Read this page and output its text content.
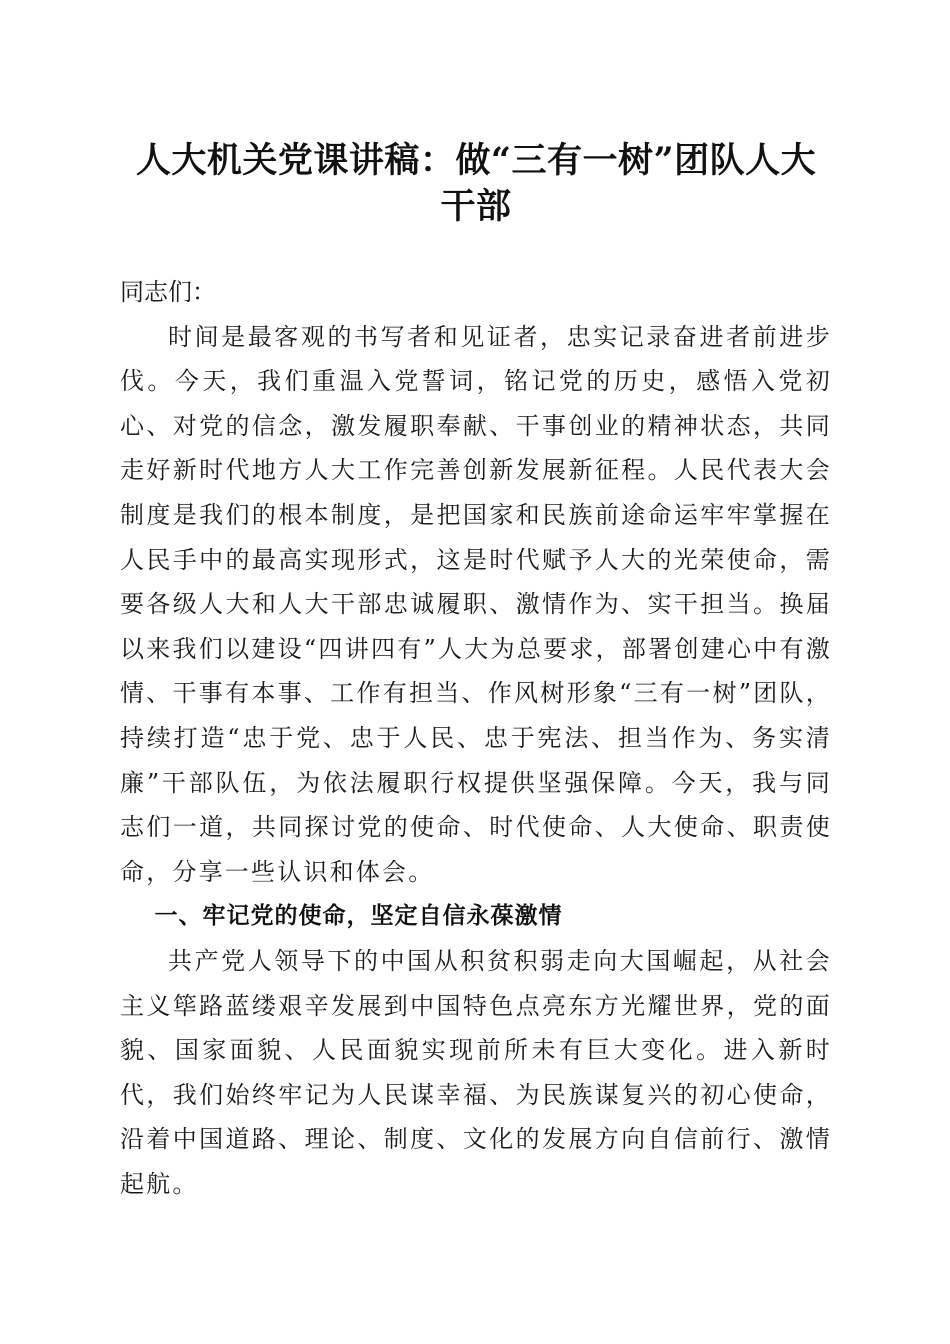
人大机关党课讲稿：做“三有一树”团队人大
干部

同志们：

时间是最客观的书写者和见证者，忠实记录奋进者前进步伐。今天，我们重温入党誓词，铭记党的历史，感悟入党初心、对党的信念，激发履职奉献、干事创业的精神状态，共同走好新时代地方人大工作完善创新发展新征程。人民代表大会制度是我们的根本制度，是把国家和民族前途命运牢牢掌握在人民手中的最高实现形式，这是时代赋予人大的光荣使命，需要各级人大和人大干部忠诚履职、激情作为、实干担当。换届以来我们以建设“四讲四有”人大为总要求，部署创建心中有激情、干事有本事、工作有担当、作风树形象“三有一树”团队，持续打造“忠于党、忠于人民、忠于宪法、担当作为、务实清廉”干部队伍，为依法履职行权提供坚强保障。今天，我与同志们一道，共同探讨党的使命、时代使命、人大使命、职责使命，分享一些认识和体会。

一、牢记党的使命，坚定自信永葆激情

共产党人领导下的中国从积贫积弱走向大国崛起，从社会主义筚路蓝缕艰辛发展到中国特色点亮东方光耀世界，党的面貌、国家面貌、人民面貌实现前所未有巨大变化。进入新时代，我们始终牢记为人民谋幸福、为民族谋复兴的初心使命，沿着中国道路、理论、制度、文化的发展方向自信前行、激情起航。
